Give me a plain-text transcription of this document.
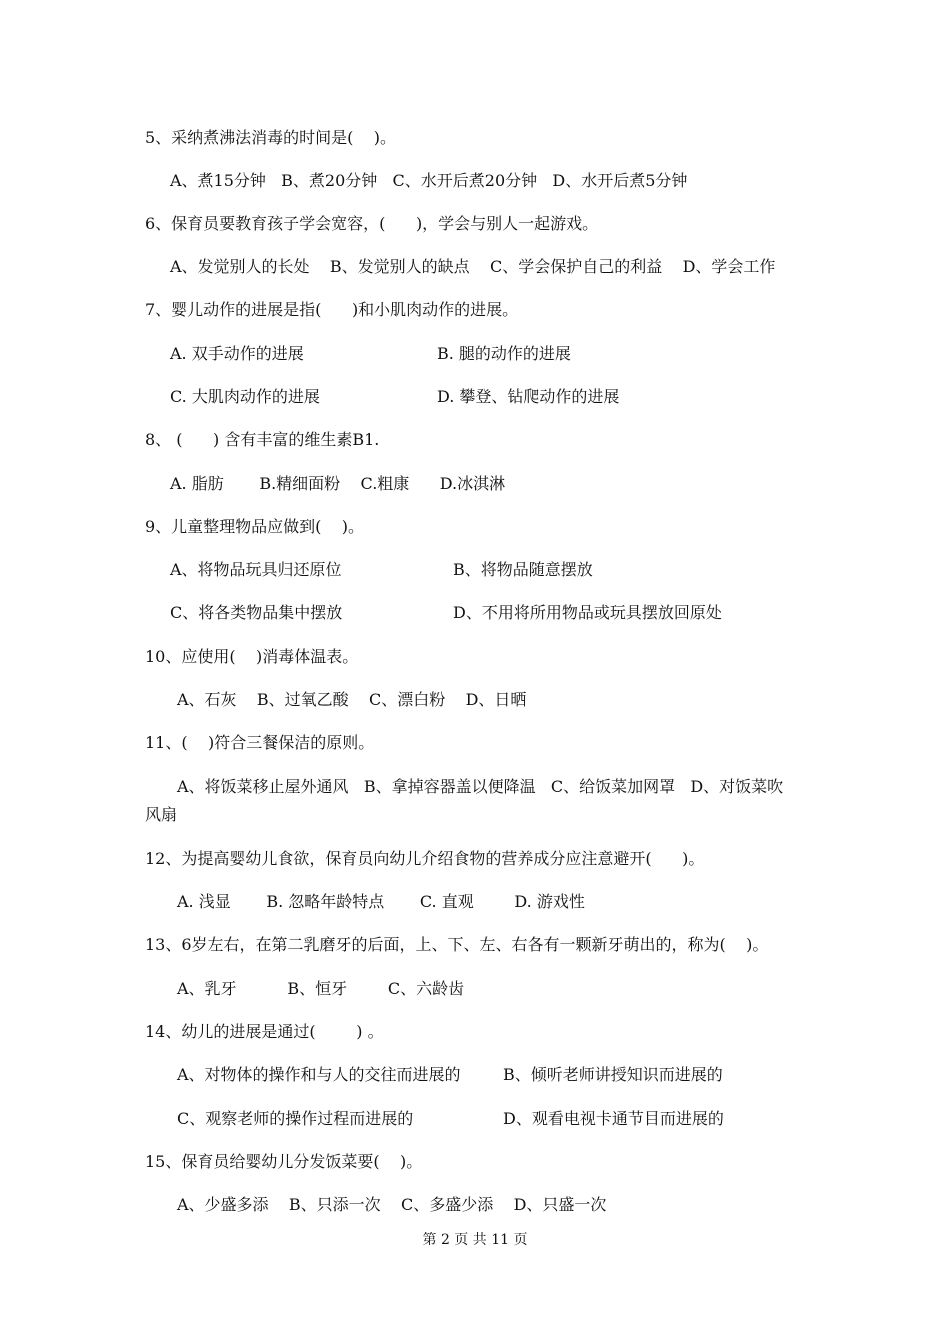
5、采纳煮沸法消毒的时间是(    )。
A、煮15分钟   B、煮20分钟   C、水开后煮20分钟   D、水开后煮5分钟
6、保育员要教育孩子学会宽容，(      )，学会与别人一起游戏。
A、发觉别人的长处    B、发觉别人的缺点    C、学会保护自己的利益    D、学会工作
7、婴儿动作的进展是指(      )和小肌肉动作的进展。
A. 双手动作的进展	B. 腿的动作的进展
C. 大肌肉动作的进展	D. 攀登、钻爬动作的进展
8、 (      ) 含有丰富的维生素B1.
A. 脂肪       B.精细面粉    C.粗康      D.冰淇淋
9、儿童整理物品应做到(    )。
A、将物品玩具归还原位	B、将物品随意摆放
C、将各类物品集中摆放	D、不用将所用物品或玩具摆放回原处
10、应使用(    )消毒体温表。
A、石灰    B、过氧乙酸    C、漂白粉    D、日晒
11、(    )符合三餐保洁的原则。
A、将饭菜移止屋外通风   B、拿掉容器盖以便降温   C、给饭菜加网罩   D、对饭菜吹
风扇
12、为提高婴幼儿食欲，保育员向幼儿介绍食物的营养成分应注意避开(      )。
A. 浅显       B. 忽略年龄特点       C. 直观        D. 游戏性
13、6岁左右，在第二乳磨牙的后面，上、下、左、右各有一颗新牙萌出的，称为(    )。
A、乳牙          B、恒牙        C、六龄齿
14、幼儿的进展是通过(        ) 。
A、对物体的操作和与人的交往而进展的	B、倾听老师讲授知识而进展的
C、观察老师的操作过程而进展的	D、观看电视卡通节目而进展的
15、保育员给婴幼儿分发饭菜要(    )。
A、少盛多添    B、只添一次    C、多盛少添    D、只盛一次
第 2 页 共 11 页
